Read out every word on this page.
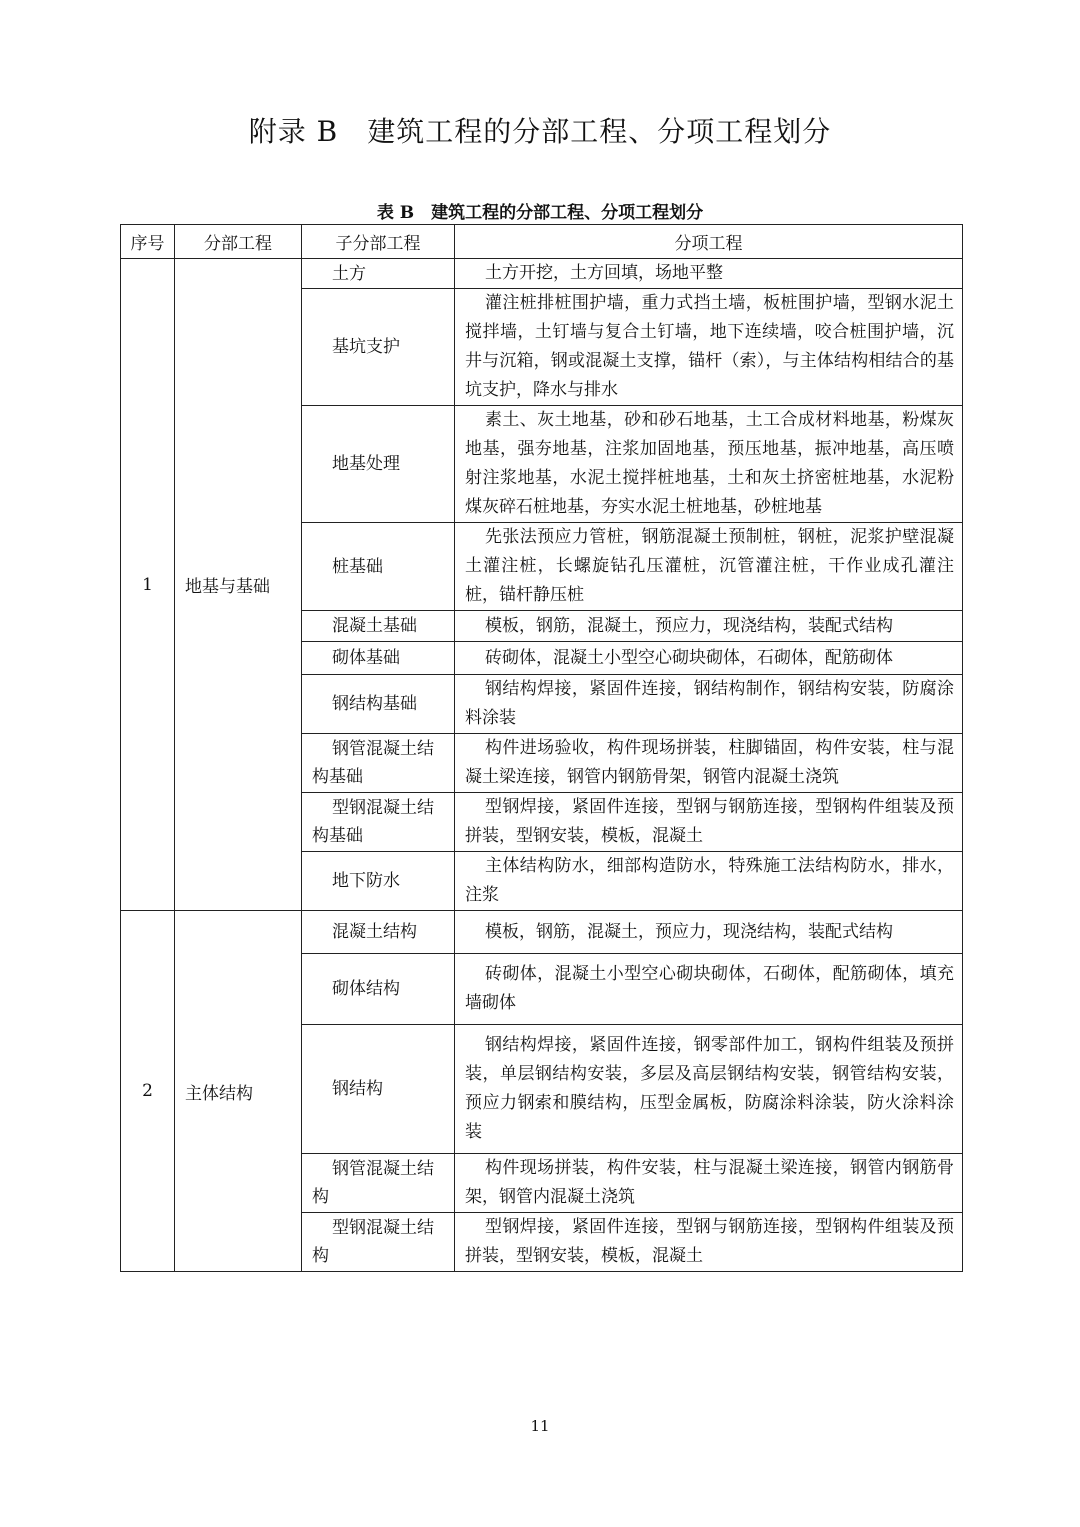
附录 B　建筑工程的分部工程、分项工程划分
表 B　建筑工程的分部工程、分项工程划分
序号	分部工程	子分部工程	分项工程
1	地基与基础	土方	土方开挖，土方回填，场地平整
		基坑支护	灌注桩排桩围护墙，重力式挡土墙，板桩围护墙，型钢水泥土搅拌墙，土钉墙与复合土钉墙，地下连续墙，咬合桩围护墙，沉井与沉箱，钢或混凝土支撑，锚杆（索），与主体结构相结合的基坑支护，降水与排水
		地基处理	素土、灰土地基，砂和砂石地基，土工合成材料地基，粉煤灰地基，强夯地基，注浆加固地基，预压地基，振冲地基，高压喷射注浆地基，水泥土搅拌桩地基，土和灰土挤密桩地基，水泥粉煤灰碎石桩地基，夯实水泥土桩地基，砂桩地基
		桩基础	先张法预应力管桩，钢筋混凝土预制桩，钢桩，泥浆护壁混凝土灌注桩，长螺旋钻孔压灌桩，沉管灌注桩，干作业成孔灌注桩，锚杆静压桩
		混凝土基础	模板，钢筋，混凝土，预应力，现浇结构，装配式结构
		砌体基础	砖砌体，混凝土小型空心砌块砌体，石砌体，配筋砌体
		钢结构基础	钢结构焊接，紧固件连接，钢结构制作，钢结构安装，防腐涂料涂装
		钢管混凝土结构基础	构件进场验收，构件现场拼装，柱脚锚固，构件安装，柱与混凝土梁连接，钢管内钢筋骨架，钢管内混凝土浇筑
		型钢混凝土结构基础	型钢焊接，紧固件连接，型钢与钢筋连接，型钢构件组装及预拼装，型钢安装，模板，混凝土
		地下防水	主体结构防水，细部构造防水，特殊施工法结构防水，排水，注浆
2	主体结构	混凝土结构	模板，钢筋，混凝土，预应力，现浇结构，装配式结构
		砌体结构	砖砌体，混凝土小型空心砌块砌体，石砌体，配筋砌体，填充墙砌体
		钢结构	钢结构焊接，紧固件连接，钢零部件加工，钢构件组装及预拼装，单层钢结构安装，多层及高层钢结构安装，钢管结构安装，预应力钢索和膜结构，压型金属板，防腐涂料涂装，防火涂料涂装
		钢管混凝土结构	构件现场拼装，构件安装，柱与混凝土梁连接，钢管内钢筋骨架，钢管内混凝土浇筑
		型钢混凝土结构	型钢焊接，紧固件连接，型钢与钢筋连接，型钢构件组装及预拼装，型钢安装，模板，混凝土
11
